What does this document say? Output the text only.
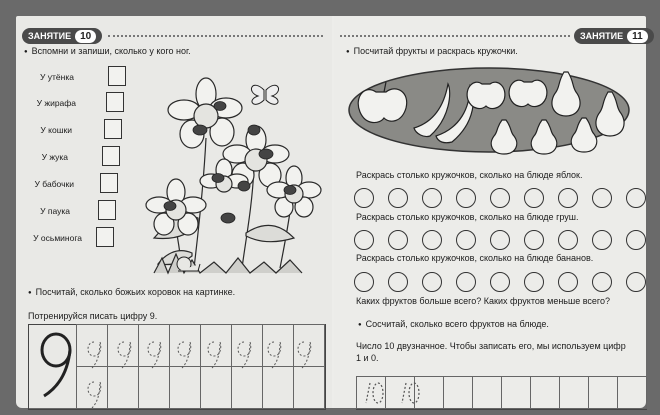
ЗАНЯТИЕ 10
● Вспомни и запиши, сколько у кого ног.
У утёнка
У жирафа
У кошки
У жука
У бабочки
У паука
У осьминога
● Посчитай, сколько божьих коровок на картинке.
Потренируйся писать цифру 9.
ЗАНЯТИЕ 11
● Посчитай фрукты и раскрась кружочки.
Раскрась столько кружочков, сколько на блюде яблок.
Раскрась столько кружочков, сколько на блюде груш.
Раскрась столько кружочков, сколько на блюде бананов.
Каких фруктов больше всего? Каких фруктов меньше всего?
● Сосчитай, сколько всего фруктов на блюде.
Число 10 двузначное. Чтобы записать его, мы используем цифр
1 и 0.
